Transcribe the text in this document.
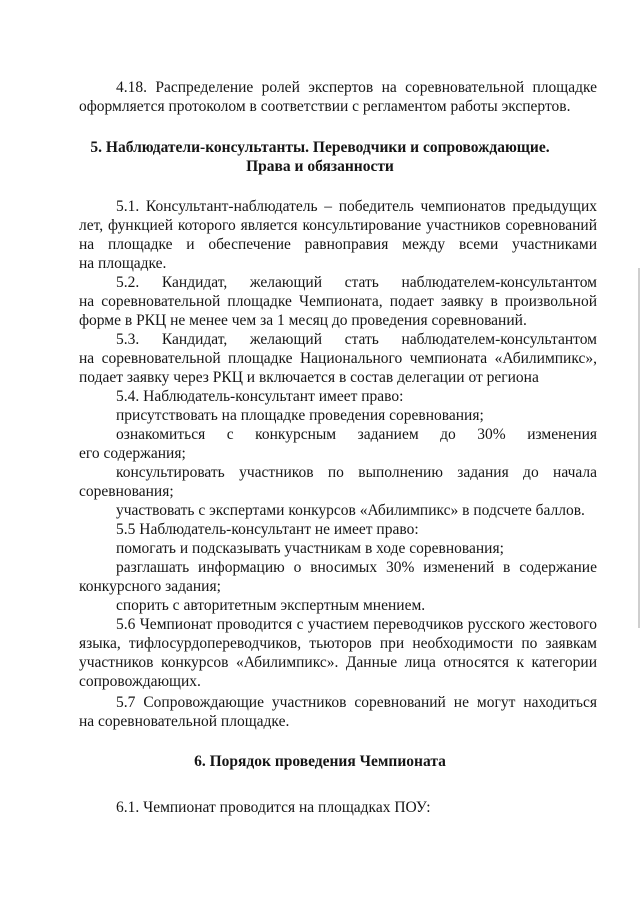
4.18. Распределение ролей экспертов на соревновательной площадке
оформляется протоколом в соответствии с регламентом работы экспертов.
5. Наблюдатели-консультанты. Переводчики и сопровождающие.
Права и обязанности
5.1. Консультант-наблюдатель – победитель чемпионатов предыдущих
лет, функцией которого является консультирование участников соревнований
на площадке и обеспечение равноправия между всеми участниками
на площадке.
5.2. Кандидат, желающий стать наблюдателем-консультантом
на соревновательной площадке Чемпионата, подает заявку в произвольной
форме в РКЦ не менее чем за 1 месяц до проведения соревнований.
5.3. Кандидат, желающий стать наблюдателем-консультантом
на соревновательной площадке Национального чемпионата «Абилимпикс»,
подает заявку через РКЦ и включается в состав делегации от региона
5.4. Наблюдатель-консультант имеет право:
присутствовать на площадке проведения соревнования;
ознакомиться с конкурсным заданием до 30% изменения
его содержания;
консультировать участников по выполнению задания до начала
соревнования;
участвовать с экспертами конкурсов «Абилимпикс» в подсчете баллов.
5.5 Наблюдатель-консультант не имеет право:
помогать и подсказывать участникам в ходе соревнования;
разглашать информацию о вносимых 30% изменений в содержание
конкурсного задания;
спорить с авторитетным экспертным мнением.
5.6 Чемпионат проводится с участием переводчиков русского жестового
языка, тифлосурдопереводчиков, тьюторов при необходимости по заявкам
участников конкурсов «Абилимпикс». Данные лица относятся к категории
сопровождающих.
5.7 Сопровождающие участников соревнований не могут находиться
на соревновательной площадке.
6. Порядок проведения Чемпионата
6.1. Чемпионат проводится на площадках ПОУ:
